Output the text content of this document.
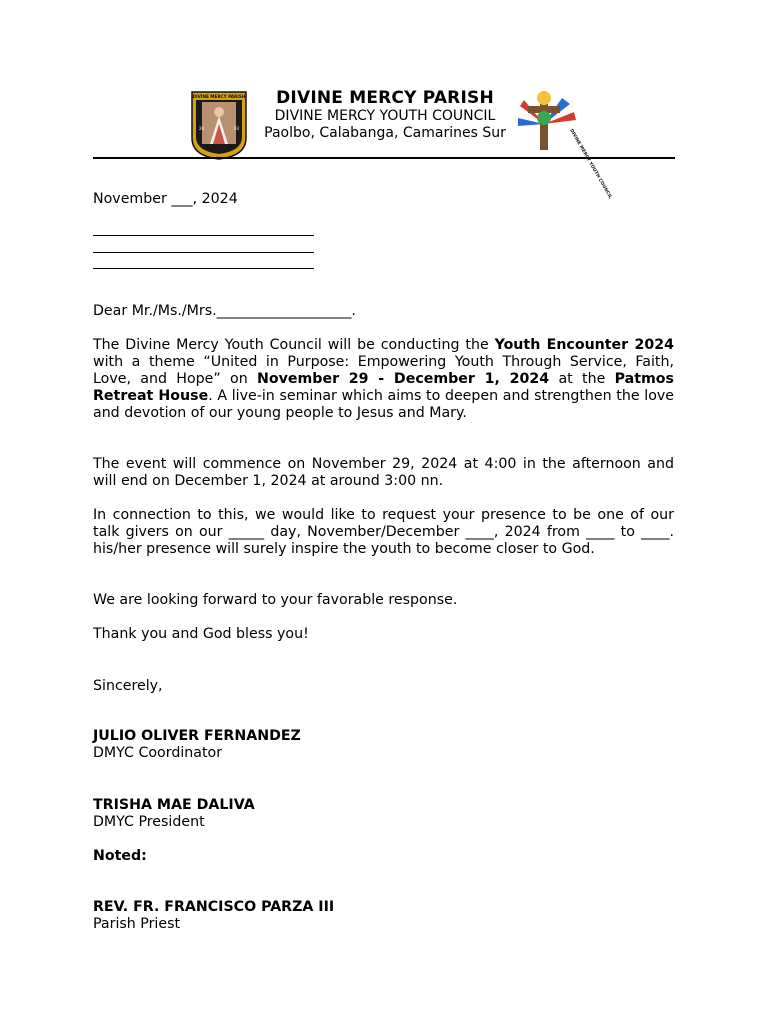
DIVINE MERCY PARISH
20	03
DIVINE MERCY PARISH
DIVINE MERCY YOUTH COUNCIL
Paolbo, Calabanga, Camarines Sur	DIVINE MERCY YOUTH COUNCIL
November ___, 2024
Dear Mr./Ms./Mrs.___________________.
The Divine Mercy Youth Council will be conducting the Youth Encounter 2024 with a theme “United in Purpose: Empowering Youth Through Service, Faith, Love, and Hope” on November 29 - December 1, 2024 at the Patmos Retreat House. A live-in seminar which aims to deepen and strengthen the love and devotion of our young people to Jesus and Mary.
The event will commence on November 29, 2024 at 4:00 in the afternoon and will end on December 1, 2024 at around 3:00 nn.
In connection to this, we would like to request your presence to be one of our talk givers on our _____ day, November/December ____, 2024 from ____ to ____. his/her presence will surely inspire the youth to become closer to God.
We are looking forward to your favorable response.
Thank you and God bless you!
Sincerely,
JULIO OLIVER FERNANDEZ
DMYC Coordinator
TRISHA MAE DALIVA
DMYC President
Noted:
REV. FR. FRANCISCO PARZA III
Parish Priest
